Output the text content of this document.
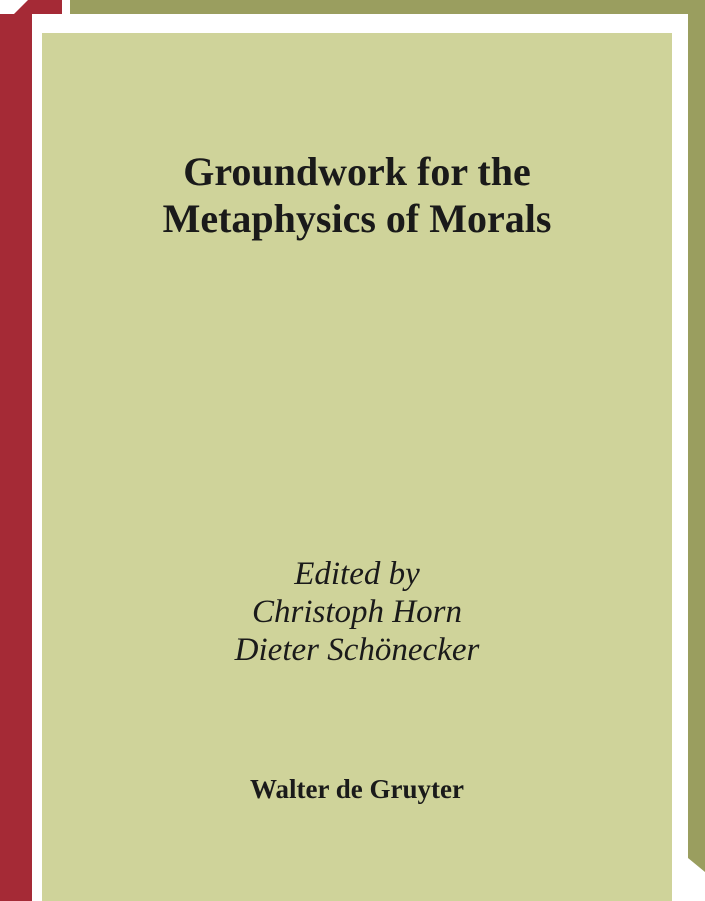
Groundwork for the
Metaphysics of Morals
Edited by
Christoph Horn
Dieter Schönecker
Walter de Gruyter
